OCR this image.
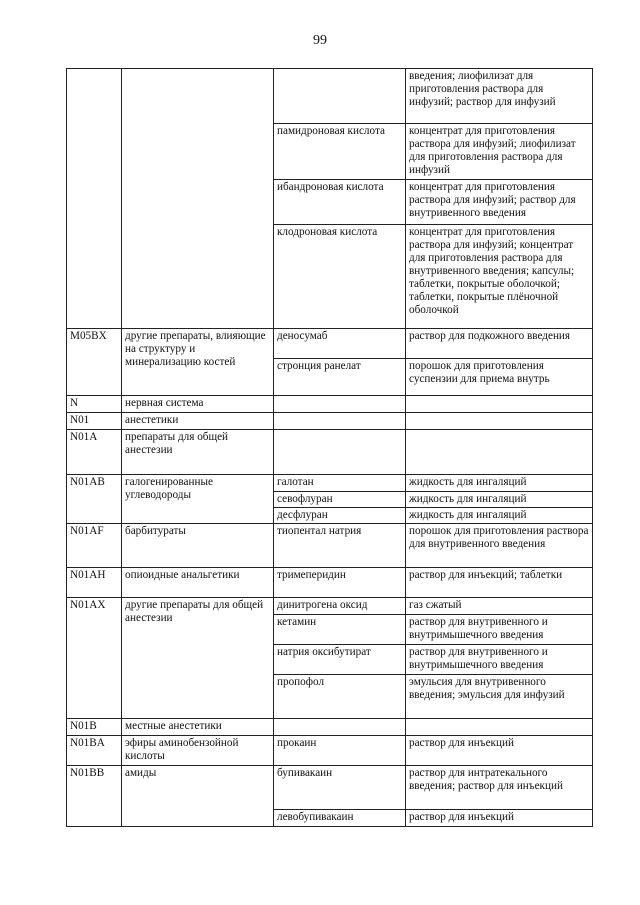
99
			введения; лиофилизат для приготовления раствора для инфузий; раствор для инфузий
		памидроновая кислота	концентрат для приготовления раствора для инфузий; лиофилизат для приготовления раствора для инфузий
		ибандроновая кислота	концентрат для приготовления раствора для инфузий; раствор для внутривенного введения
		клодроновая кислота	концентрат для приготовления раствора для инфузий; концентрат для приготовления раствора для внутривенного введения; капсулы; таблетки, покрытые оболочкой; таблетки, покрытые плёночной оболочкой
M05BX	другие препараты, влияющие на структуру и минерализацию костей	деносумаб	раствор для подкожного введения
		стронция ранелат	порошок для приготовления суспензии для приема внутрь
N	нервная система		
N01	анестетики		
N01A	препараты для общей анестезии		
N01AB	галогенированные углеводороды	галотан	жидкость для ингаляций
		севофлуран	жидкость для ингаляций
		десфлуран	жидкость для ингаляций
N01AF	барбитураты	тиопентал натрия	порошок для приготовления раствора для внутривенного введения
N01AH	опиоидные анальгетики	тримеперидин	раствор для инъекций; таблетки
N01AX	другие препараты для общей анестезии	динитрогена оксид	газ сжатый
		кетамин	раствор для внутривенного и внутримышечного введения
		натрия оксибутират	раствор для внутривенного и внутримышечного введения
		пропофол	эмульсия для внутривенного введения; эмульсия для инфузий
N01B	местные анестетики		
N01BA	эфиры аминобензойной кислоты	прокаин	раствор для инъекций
N01BB	амиды	бупивакаин	раствор для интратекального введения; раствор для инъекций
		левобупивакаин	раствор для инъекций
